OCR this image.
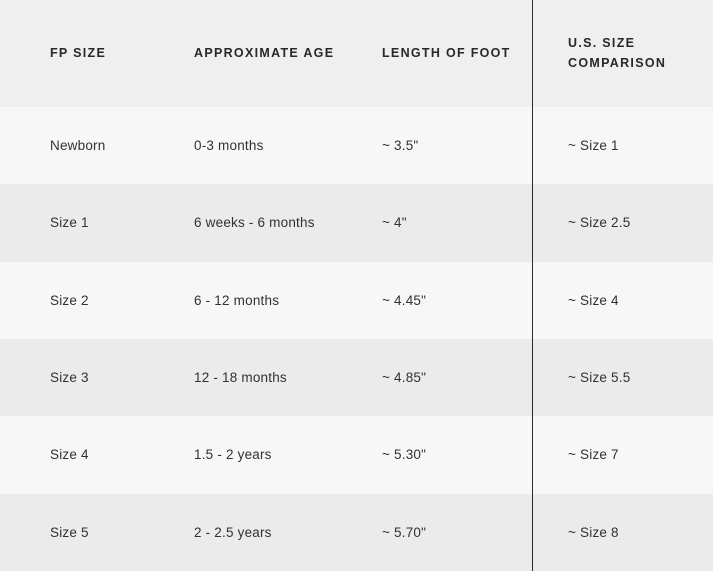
FP SIZE	APPROXIMATE AGE	LENGTH OF FOOT	U.S. SIZE COMPARISON
Newborn	0-3 months	~ 3.5"	~ Size 1
Size 1	6 weeks - 6 months	~ 4"	~ Size 2.5
Size 2	6 - 12 months	~ 4.45"	~ Size 4
Size 3	12 - 18 months	~ 4.85"	~ Size 5.5
Size 4	1.5 - 2 years	~ 5.30"	~ Size 7
Size 5	2 - 2.5 years	~ 5.70"	~ Size 8
